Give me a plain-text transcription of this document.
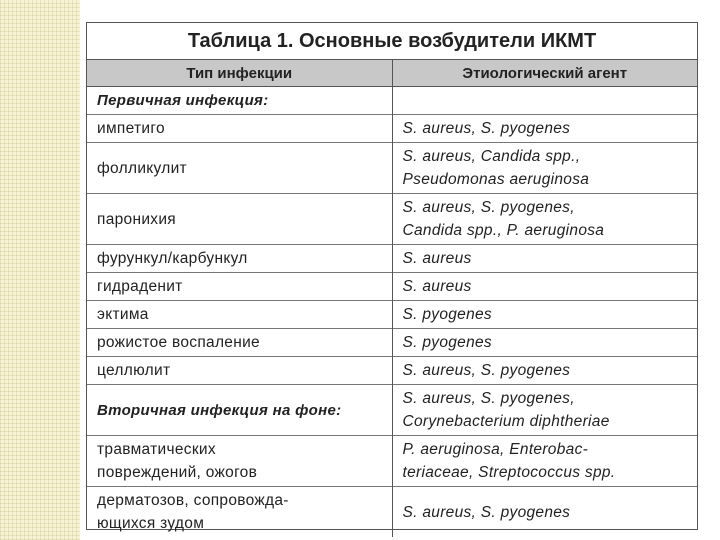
Таблица 1. Основные возбудители ИКМТ
Тип инфекции	Этиологический агент

Первичная инфекция:	

импетиго	S. aureus, S. pyogenes

фолликулит	S. aureus, Candida spp.,
Pseudomonas aeruginosa

паронихия	S. aureus, S. pyogenes,
Candida spp., P. aeruginosa

фурункул/карбункул	S. aureus

гидраденит	S. aureus

эктима	S. pyogenes

рожистое воспаление	S. pyogenes

целлюлит	S. aureus, S. pyogenes

Вторичная инфекция на фоне:	S. aureus, S. pyogenes,
Corynebacterium diphtheriae

травматических
повреждений, ожогов	P. aeruginosa, Enterobac-
teriaceae, Streptococcus spp.

дерматозов, сопровожда-
ющихся зудом	S. aureus, S. pyogenes
